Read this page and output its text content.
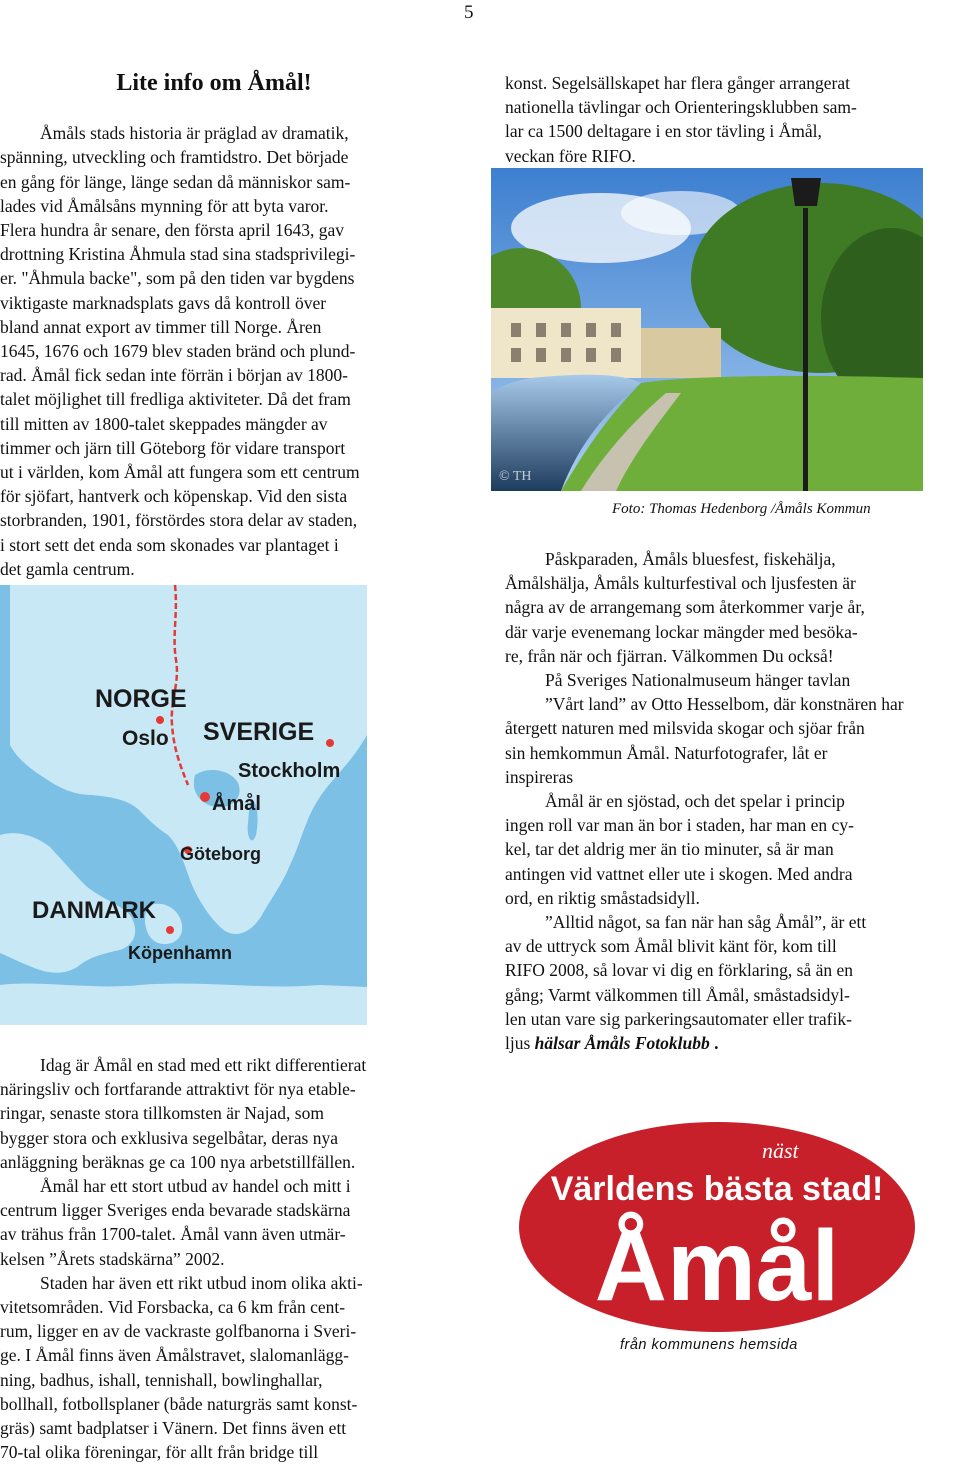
5
Lite info om Åmål!

Åmåls stads historia är präglad av dramatik,

spänning, utveckling och framtidstro. Det började

en gång för länge, länge sedan då människor sam-

lades vid Åmålsåns mynning för att byta varor.

Flera hundra år senare, den första april 1643, gav

drottning Kristina Åhmula stad sina stadsprivilegi-

er. "Åhmula backe", som på den tiden var bygdens

viktigaste marknadsplats gavs då kontroll över

bland annat export av timmer till Norge. Åren

1645, 1676 och 1679 blev staden bränd och plund-

rad. Åmål fick sedan inte förrän i början av 1800-

talet möjlighet till fredliga aktiviteter. Då det fram

till mitten av 1800-talet skeppades mängder av

timmer och järn till Göteborg för vidare transport

ut i världen, kom Åmål att fungera som ett centrum

för sjöfart, hantverk och köpenskap. Vid den sista

storbranden, 1901, förstördes stora delar av staden,

i stort sett det enda som skonades var plantaget i

det gamla centrum.

NORGE
Oslo SVERIGE
Stockholm
Åmål
Göteborg
DANMARK
Köpenhamn

Idag är Åmål en stad med ett rikt differentierat

näringsliv och fortfarande attraktivt för nya etable-

ringar, senaste stora tillkomsten är Najad, som

bygger stora och exklusiva segelbåtar, deras nya

anläggning beräknas ge ca 100 nya arbetstillfällen.

Åmål har ett stort utbud av handel och mitt i

centrum ligger Sveriges enda bevarade stadskärna

av trähus från 1700-talet. Åmål vann även utmär-

kelsen ”Årets stadskärna” 2002.

Staden har även ett rikt utbud inom olika akti-

vitetsområden. Vid Forsbacka, ca 6 km från cent-

rum, ligger en av de vackraste golfbanorna i Sveri-

ge. I Åmål finns även Åmålstravet, slalomanlägg-

ning, badhus, ishall, tennishall, bowlinghallar,

bollhall, fotbollsplaner (både naturgräs samt konst-

gräs) samt badplatser i Vänern. Det finns även ett

70-tal olika föreningar, för allt från bridge till

konst. Segelsällskapet har flera gånger arrangerat

nationella tävlingar och Orienteringsklubben sam-

lar ca 1500 deltagare i en stor tävling i Åmål,

veckan före RIFO.

© TH
Foto: Thomas Hedenborg /Åmåls Kommun

Påskparaden, Åmåls bluesfest, fiskehälja,

Åmålshälja, Åmåls kulturfestival och ljusfesten är

några av de arrangemang som återkommer varje år,

där varje evenemang lockar mängder med besöka-

re, från när och fjärran. Välkommen Du också!

På Sveriges Nationalmuseum hänger tavlan

”Vårt land” av Otto Hesselbom, där konstnären har

återgett naturen med milsvida skogar och sjöar från

sin hemkommun Åmål. Naturfotografer, låt er

inspireras

Åmål är en sjöstad, och det spelar i princip

ingen roll var man än bor i staden, har man en cy-

kel, tar det aldrig mer än tio minuter, så är man

antingen vid vattnet eller ute i skogen. Med andra

ord, en riktig småstadsidyll.

”Alltid något, sa fan när han såg Åmål”, är ett

av de uttryck som Åmål blivit känt för, kom till

RIFO 2008, så lovar vi dig en förklaring, så än en

gång; Varmt välkommen till Åmål, småstadsidyl-

len utan vare sig parkeringsautomater eller trafik-

ljus hälsar Åmåls Fotoklubb .

näst
Världens bästa stad!
Åmål
från kommunens hemsida
